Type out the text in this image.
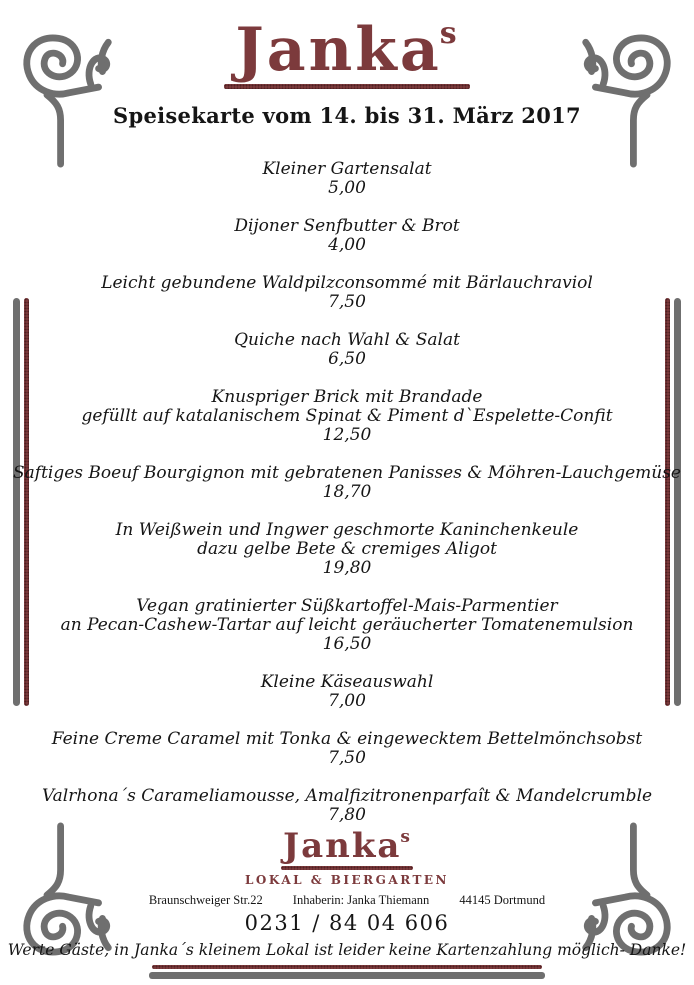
Jankas
Speisekarte vom 14. bis 31. März 2017
Kleiner Gartensalat
5,00
Dijoner Senfbutter & Brot
4,00
Leicht gebundene Waldpilzconsommé mit Bärlauchraviol
7,50
Quiche nach Wahl & Salat
6,50
Knuspriger Brick mit Brandade
gefüllt auf katalanischem Spinat & Piment d`Espelette-Confit
12,50
Saftiges Boeuf Bourgignon mit gebratenen Panisses & Möhren-Lauchgemüse
18,70
In Weißwein und Ingwer geschmorte Kaninchenkeule
dazu gelbe Bete & cremiges Aligot
19,80
Vegan gratinierter Süßkartoffel-Mais-Parmentier
an Pecan-Cashew-Tartar auf leicht geräucherter Tomatenemulsion
16,50
Kleine Käseauswahl
7,00
Feine Creme Caramel mit Tonka & eingewecktem Bettelmönchsobst
7,50
Valrhona´s Carameliamousse, Amalfizitronenparfaît & Mandelcrumble
7,80
Jankas
LOKAL & BIERGARTEN
Braunschweiger Str.22 Inhaberin: Janka Thiemann 44145 Dortmund
0231 / 84 04 606
Werte Gäste, in Janka´s kleinem Lokal ist leider keine Kartenzahlung möglich- Danke!
